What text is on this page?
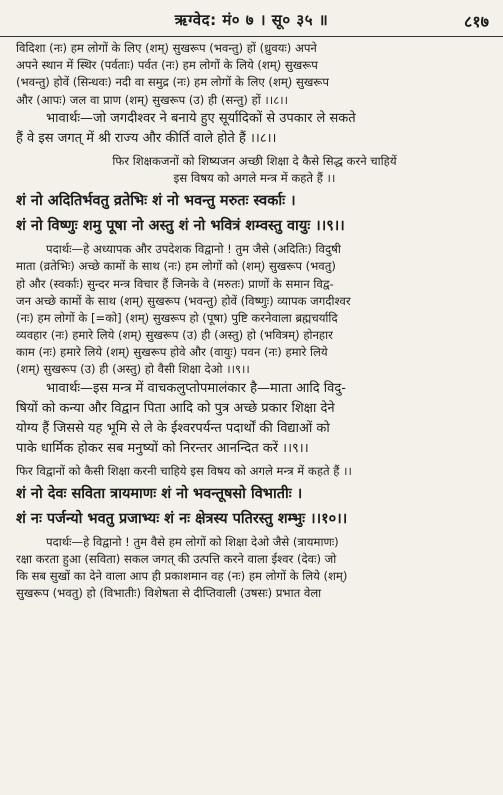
ऋग्वेद: मं० ७ । सू० ३५ ॥	८१७
विदिशा (नः) हम लोगों के लिए (शम्) सुखरूप (भवन्तु) हों (ध्रुवयः) अपने
अपने स्थान में स्थिर (पर्वताः) पर्वत (नः) हम लोगों के लिये (शम्) सुखरूप
(भवन्तु) होवें (सिन्धवः) नदी वा समुद्र (नः) हम लोगों के लिए (शम्) सुखरूप
और (आपः) जल वा प्राण (शम्) सुखरूप (उ) ही (सन्तु) हों ।।८।।
भावार्थः—जो जगदीश्वर ने बनाये हुए सूर्यादिकों से उपकार ले सकते
हैं वे इस जगत् में श्री राज्य और कीर्ति वाले होते हैं ।।८।।
फिर शिक्षकजनों को शिष्यजन अच्छी शिक्षा दे कैसे सिद्ध करने चाहियें
इस विषय को अगले मन्त्र में कहते हैं ।।
शं नो अदितिर्भवतु व्रतेभिः शं नो भवन्तु मरुतः स्वर्काः ।
शं नो विष्णुः शमु पूषा नो अस्तु शं नो भवित्रं शम्वस्तु वायुः ।।९।।
पदार्थः—हे अध्यापक और उपदेशक विद्वानो ! तुम जैसे (अदितिः) विदुषी
माता (व्रतेभिः) अच्छे कामों के साथ (नः) हम लोगों को (शम्) सुखरूप (भवतु)
हो और (स्वर्काः) सुन्दर मन्त्र विचार हैं जिनके वे (मरुतः) प्राणों के समान विद्व-
जन अच्छे कामों के साथ (शम्) सुखरूप (भवन्तु) होवें (विष्णुः) व्यापक जगदीश्वर
(नः) हम लोगों के [=को] (शम्) सुखरूप हो (पूषा) पुष्टि करनेवाला ब्रह्मचर्यादि
व्यवहार (नः) हमारे लिये (शम्) सुखरूप (उ) ही (अस्तु) हो (भवित्रम्) होनहार
काम (नः) हमारे लिये (शम्) सुखरूप होवे और (वायुः) पवन (नः) हमारे लिये
(शम्) सुखरूप (उ) ही (अस्तु) हो वैसी शिक्षा देओ ।।९।।
भावार्थः—इस मन्त्र में वाचकलुप्तोपमालंकार है—माता आदि विदु-
षियों को कन्या और विद्वान पिता आदि को पुत्र अच्छे प्रकार शिक्षा देने
योग्य हैं जिससे यह भूमि से ले के ईश्वरपर्यन्त पदार्थों की विद्याओं को
पाके धार्मिक होकर सब मनुष्यों को निरन्तर आनन्दित करें ।।९।।
फिर विद्वानों को कैसी शिक्षा करनी चाहिये इस विषय को अगले मन्त्र में कहते हैं ।।
शं नो देवः सविता त्रायमाणः शं नो भवन्तूषसो विभातीः ।
शं नः पर्जन्यो भवतु प्रजाभ्यः शं नः क्षेत्रस्य पतिरस्तु शम्भुः ।।१०।।
पदार्थः—हे विद्वानो ! तुम वैसे हम लोगों को शिक्षा देओ जैसे (त्रायमाणः)
रक्षा करता हुआ (सविता) सकल जगत् की उत्पत्ति करने वाला ईश्वर (देवः) जो
कि सब सुखों का देने वाला आप ही प्रकाशमान वह (नः) हम लोगों के लिये (शम्)
सुखरूप (भवतु) हो (विभातीः) विशेषता से दीप्तिवाली (उषसः) प्रभात वेला
